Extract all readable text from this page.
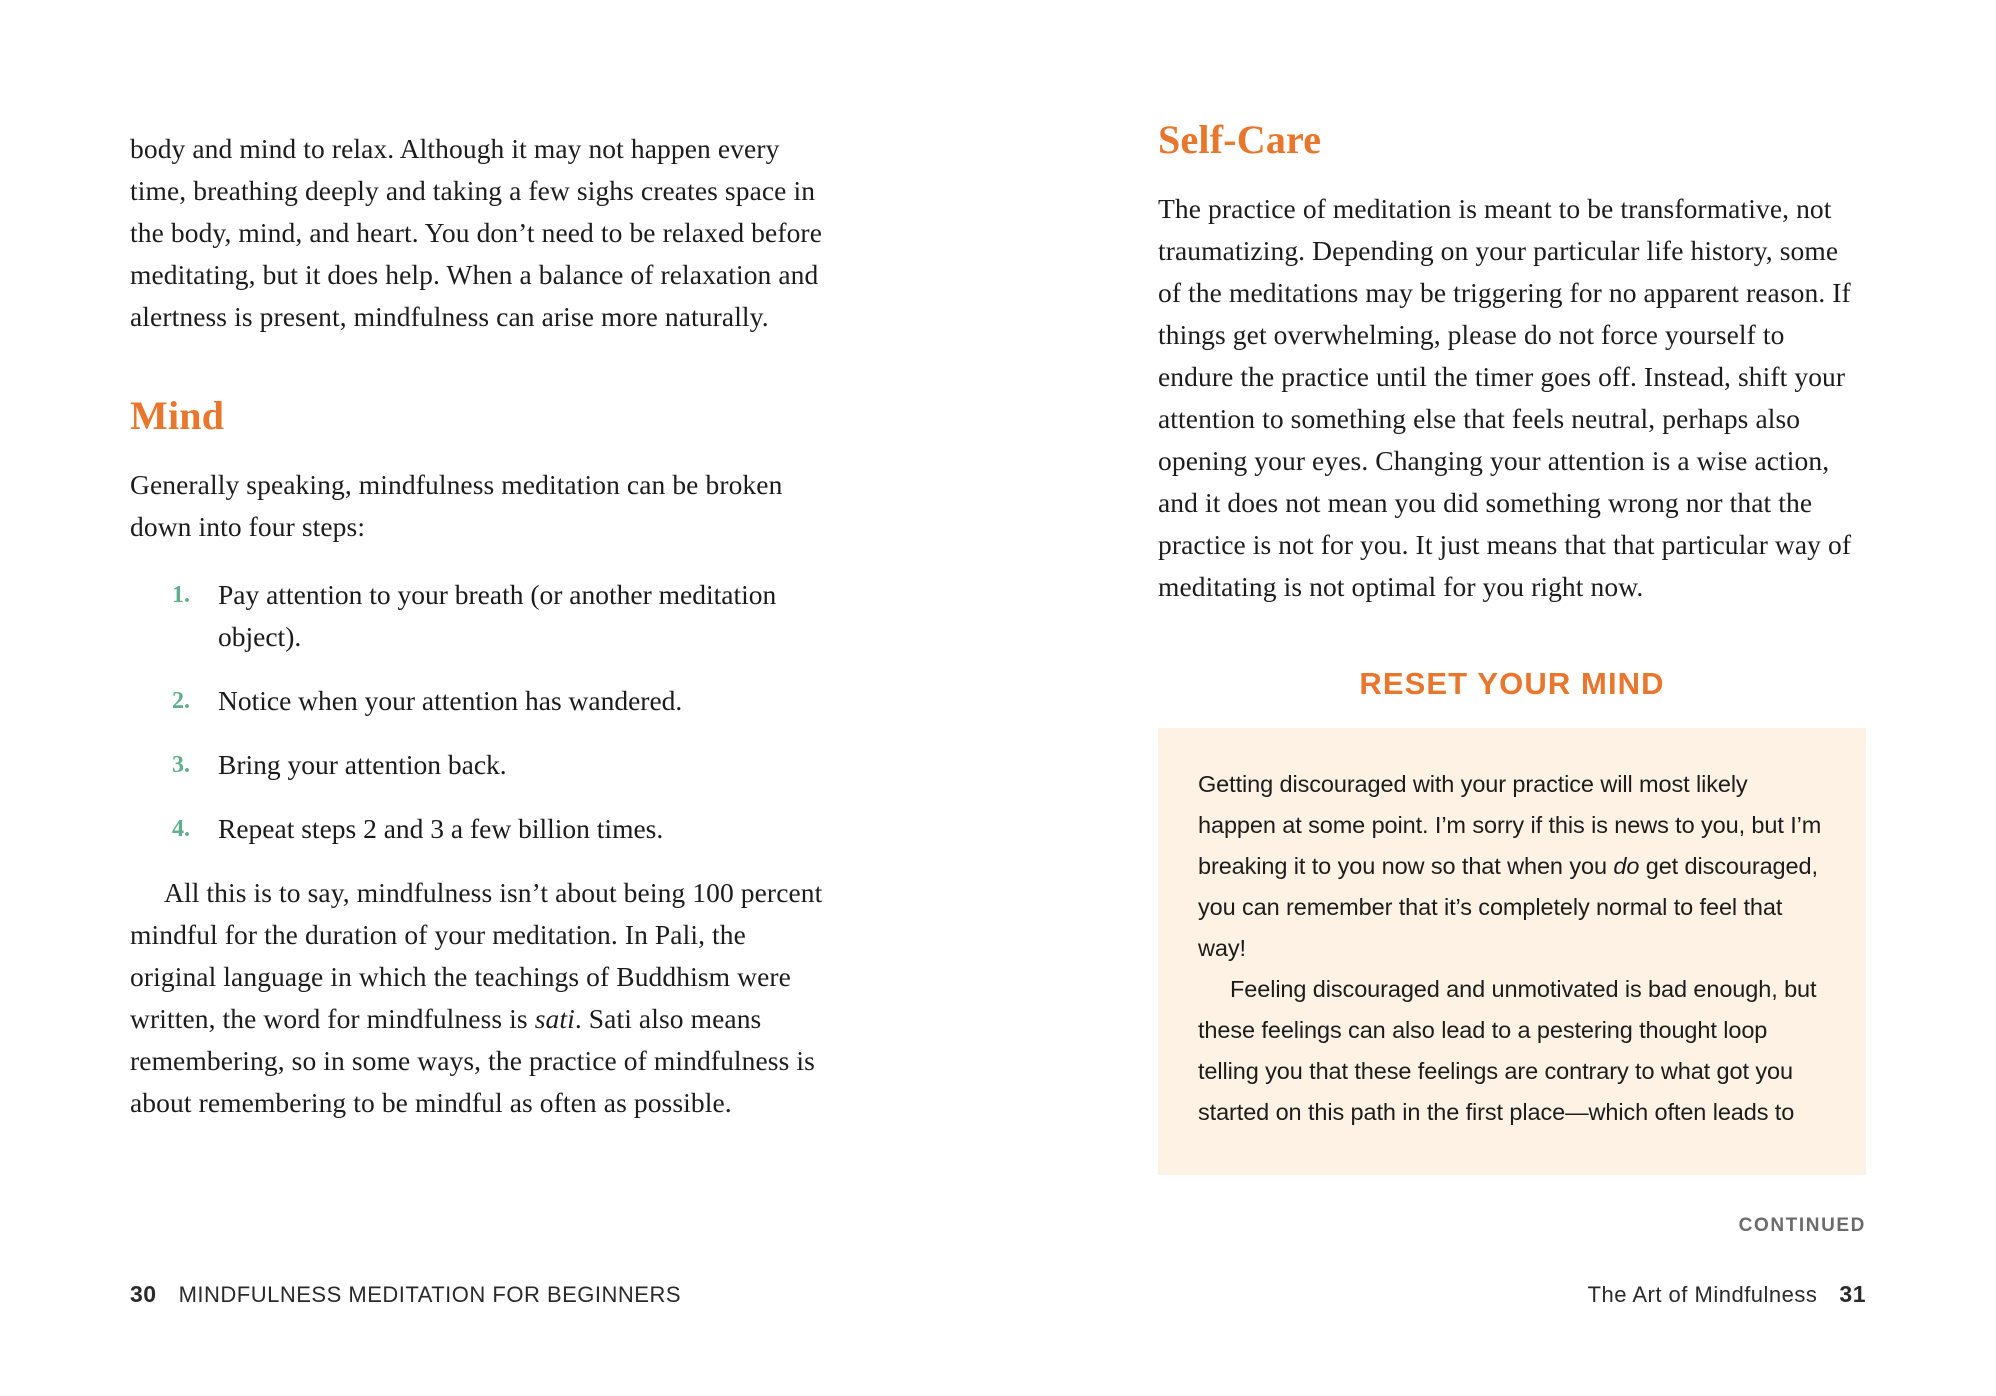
body and mind to relax. Although it may not happen every time, breathing deeply and taking a few sighs creates space in the body, mind, and heart. You don’t need to be relaxed before meditating, but it does help. When a balance of relaxation and alertness is present, mindfulness can arise more naturally.

Mind

Generally speaking, mindfulness meditation can be broken down into four steps:

1. Pay attention to your breath (or another meditation object).
2. Notice when your attention has wandered.
3. Bring your attention back.
4. Repeat steps 2 and 3 a few billion times.

All this is to say, mindfulness isn’t about being 100 percent mindful for the duration of your meditation. In Pali, the original language in which the teachings of Buddhism were written, the word for mindfulness is sati. Sati also means remembering, so in some ways, the practice of mindfulness is about remembering to be mindful as often as possible.

30 MINDFULNESS MEDITATION FOR BEGINNERS
Self-Care

The practice of meditation is meant to be transformative, not traumatizing. Depending on your particular life history, some of the meditations may be triggering for no apparent reason. If things get overwhelming, please do not force yourself to endure the practice until the timer goes off. Instead, shift your attention to something else that feels neutral, perhaps also opening your eyes. Changing your attention is a wise action, and it does not mean you did something wrong nor that the practice is not for you. It just means that that particular way of meditating is not optimal for you right now.

RESET YOUR MIND

Getting discouraged with your practice will most likely happen at some point. I’m sorry if this is news to you, but I’m breaking it to you now so that when you do get discouraged, you can remember that it’s completely normal to feel that way!

Feeling discouraged and unmotivated is bad enough, but these feelings can also lead to a pestering thought loop telling you that these feelings are contrary to what got you started on this path in the first place—which often leads to

CONTINUED
The Art of Mindfulness 31
